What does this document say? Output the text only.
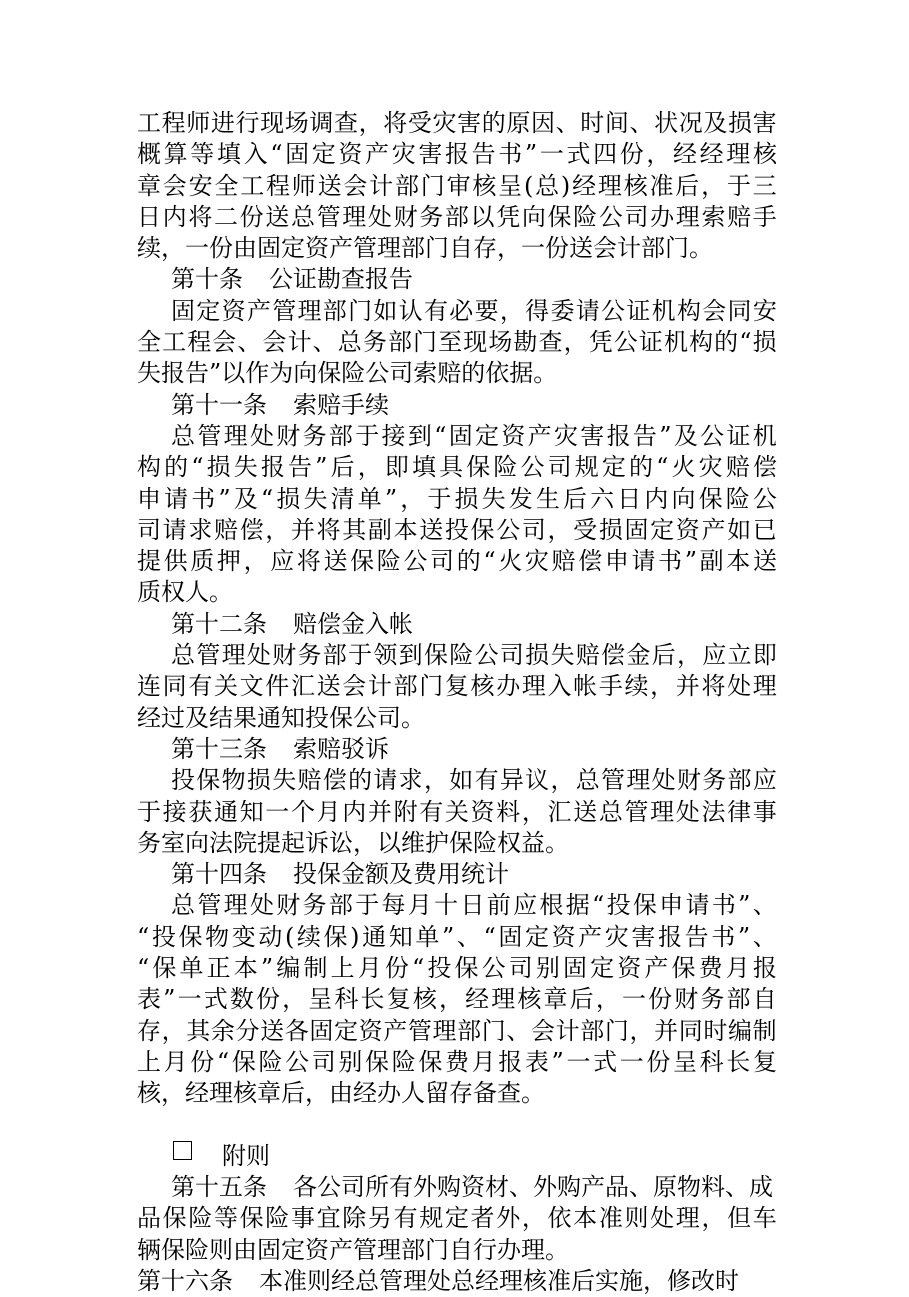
工 程 师 进 行 现 场 调 查 ， 将 受 灾 害 的 原 因 、 时 间 、 状 况 及 损 害
概 算 等 填 入 “ 固 定 资 产 灾 害 报 告 书 ” 一 式 四 份 ， 经 经 理 核
章 会 安 全 工 程 师 送 会 计 部 门 审 核 呈 ( 总 ) 经 理 核 准 后 ， 于 三
日 内 将 二 份 送 总 管 理 处 财 务 部 以 凭 向 保 险 公 司 办 理 索 赔 手
续，一份由固定资产管理部门自存，一份送会计部门。
第十条 公证勘查报告
固 定 资 产 管 理 部 门 如 认 有 必 要 ， 得 委 请 公 证 机 构 会 同 安
全 工 程 会 、 会 计 、 总 务 部 门 至 现 场 勘 查 ， 凭 公 证 机 构 的 “ 损
失报告”以作为向保险公司索赔的依据。
第十一条 索赔手续
总 管 理 处 财 务 部 于 接 到 “ 固 定 资 产 灾 害 报 告 ” 及 公 证 机
构 的 “ 损 失 报 告 ” 后 ， 即 填 具 保 险 公 司 规 定 的 “ 火 灾 赔 偿
申 请 书 ” 及 “ 损 失 清 单 ” ， 于 损 失 发 生 后 六 日 内 向 保 险 公
司 请 求 赔 偿 ， 并 将 其 副 本 送 投 保 公 司 ， 受 损 固 定 资 产 如 已
提 供 质 押 ， 应 将 送 保 险 公 司 的 “ 火 灾 赔 偿 申 请 书 ” 副 本 送
质权人。
第十二条 赔偿金入帐
总 管 理 处 财 务 部 于 领 到 保 险 公 司 损 失 赔 偿 金 后 ， 应 立 即
连 同 有 关 文 件 汇 送 会 计 部 门 复 核 办 理 入 帐 手 续 ， 并 将 处 理
经过及结果通知投保公司。
第十三条 索赔驳诉
投 保 物 损 失 赔 偿 的 请 求 ， 如 有 异 议 ， 总 管 理 处 财 务 部 应
于 接 获 通 知 一 个 月 内 并 附 有 关 资 料 ， 汇 送 总 管 理 处 法 律 事
务室向法院提起诉讼，以维护保险权益。
第十四条 投保金额及费用统计
总 管 理 处 财 务 部 于 每 月 十 日 前 应 根 据 “ 投 保 申 请 书 ” 、
“ 投 保 物 变 动 ( 续 保 ) 通 知 单 ” 、 “ 固 定 资 产 灾 害 报 告 书 ” 、
“ 保 单 正 本 ” 编 制 上 月 份 “ 投 保 公 司 别 固 定 资 产 保 费 月 报
表 ” 一 式 数 份 ， 呈 科 长 复 核 ， 经 理 核 章 后 ， 一 份 财 务 部 自
存 ， 其 余 分 送 各 固 定 资 产 管 理 部 门 、 会 计 部 门 ， 并 同 时 编 制
上 月 份 “ 保 险 公 司 别 保 险 保 费 月 报 表 ” 一 式 一 份 呈 科 长 复
核，经理核章后，由经办人留存备查。
附则
第十五条 各公司所有外购资材、外购产品、原物料、成
品 保 险 等 保 险 事 宜 除 另 有 规 定 者 外 ， 依 本 准 则 处 理 ， 但 车
辆保险则由固定资产管理部门自行办理。
第十六条 本准则经总管理处总经理核准后实施，修改时
